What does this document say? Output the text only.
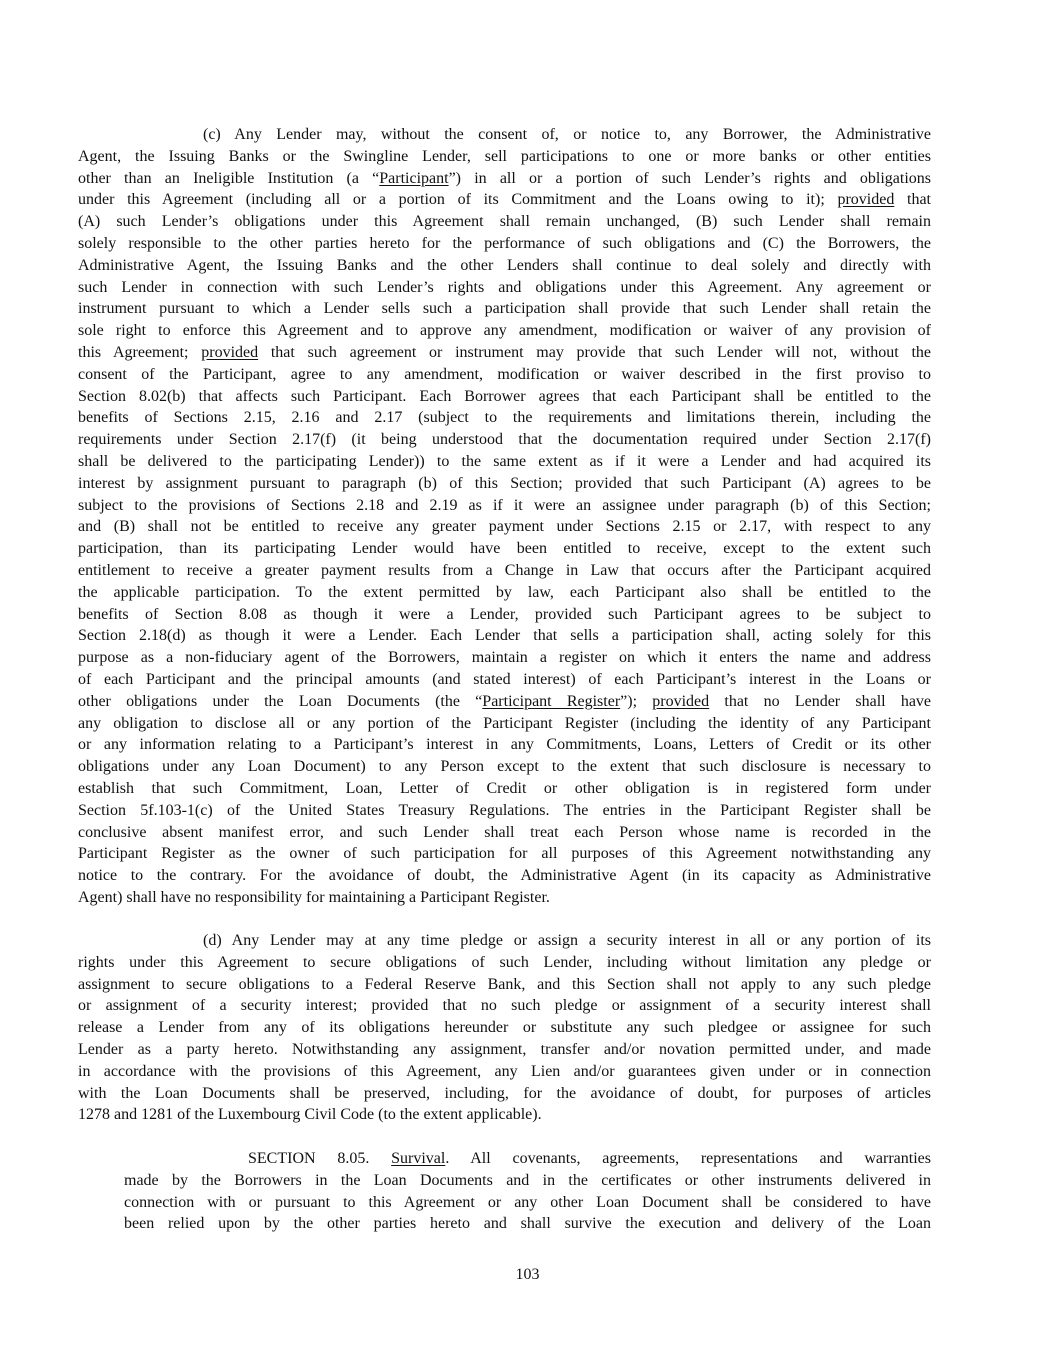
(c) Any Lender may, without the consent of, or notice to, any Borrower, the Administrative
Agent, the Issuing Banks or the Swingline Lender, sell participations to one or more banks or other entities
other than an Ineligible Institution (a “Participant”) in all or a portion of such Lender’s rights and obligations
under this Agreement (including all or a portion of its Commitment and the Loans owing to it); provided that
(A) such Lender’s obligations under this Agreement shall remain unchanged, (B) such Lender shall remain
solely responsible to the other parties hereto for the performance of such obligations and (C) the Borrowers, the
Administrative Agent, the Issuing Banks and the other Lenders shall continue to deal solely and directly with
such Lender in connection with such Lender’s rights and obligations under this Agreement. Any agreement or
instrument pursuant to which a Lender sells such a participation shall provide that such Lender shall retain the
sole right to enforce this Agreement and to approve any amendment, modification or waiver of any provision of
this Agreement; provided that such agreement or instrument may provide that such Lender will not, without the
consent of the Participant, agree to any amendment, modification or waiver described in the first proviso to
Section 8.02(b) that affects such Participant. Each Borrower agrees that each Participant shall be entitled to the
benefits of Sections 2.15, 2.16 and 2.17 (subject to the requirements and limitations therein, including the
requirements under Section 2.17(f) (it being understood that the documentation required under Section 2.17(f)
shall be delivered to the participating Lender)) to the same extent as if it were a Lender and had acquired its
interest by assignment pursuant to paragraph (b) of this Section; provided that such Participant (A) agrees to be
subject to the provisions of Sections 2.18 and 2.19 as if it were an assignee under paragraph (b) of this Section;
and (B) shall not be entitled to receive any greater payment under Sections 2.15 or 2.17, with respect to any
participation, than its participating Lender would have been entitled to receive, except to the extent such
entitlement to receive a greater payment results from a Change in Law that occurs after the Participant acquired
the applicable participation. To the extent permitted by law, each Participant also shall be entitled to the
benefits of Section 8.08 as though it were a Lender, provided such Participant agrees to be subject to
Section 2.18(d) as though it were a Lender. Each Lender that sells a participation shall, acting solely for this
purpose as a non-fiduciary agent of the Borrowers, maintain a register on which it enters the name and address
of each Participant and the principal amounts (and stated interest) of each Participant’s interest in the Loans or
other obligations under the Loan Documents (the “Participant Register”); provided that no Lender shall have
any obligation to disclose all or any portion of the Participant Register (including the identity of any Participant
or any information relating to a Participant’s interest in any Commitments, Loans, Letters of Credit or its other
obligations under any Loan Document) to any Person except to the extent that such disclosure is necessary to
establish that such Commitment, Loan, Letter of Credit or other obligation is in registered form under
Section 5f.103-1(c) of the United States Treasury Regulations. The entries in the Participant Register shall be
conclusive absent manifest error, and such Lender shall treat each Person whose name is recorded in the
Participant Register as the owner of such participation for all purposes of this Agreement notwithstanding any
notice to the contrary. For the avoidance of doubt, the Administrative Agent (in its capacity as Administrative
Agent) shall have no responsibility for maintaining a Participant Register.
(d) Any Lender may at any time pledge or assign a security interest in all or any portion of its
rights under this Agreement to secure obligations of such Lender, including without limitation any pledge or
assignment to secure obligations to a Federal Reserve Bank, and this Section shall not apply to any such pledge
or assignment of a security interest; provided that no such pledge or assignment of a security interest shall
release a Lender from any of its obligations hereunder or substitute any such pledgee or assignee for such
Lender as a party hereto. Notwithstanding any assignment, transfer and/or novation permitted under, and made
in accordance with the provisions of this Agreement, any Lien and/or guarantees given under or in connection
with the Loan Documents shall be preserved, including, for the avoidance of doubt, for purposes of articles
1278 and 1281 of the Luxembourg Civil Code (to the extent applicable).
SECTION 8.05. Survival. All covenants, agreements, representations and warranties
made by the Borrowers in the Loan Documents and in the certificates or other instruments delivered in
connection with or pursuant to this Agreement or any other Loan Document shall be considered to have
been relied upon by the other parties hereto and shall survive the execution and delivery of the Loan
103
